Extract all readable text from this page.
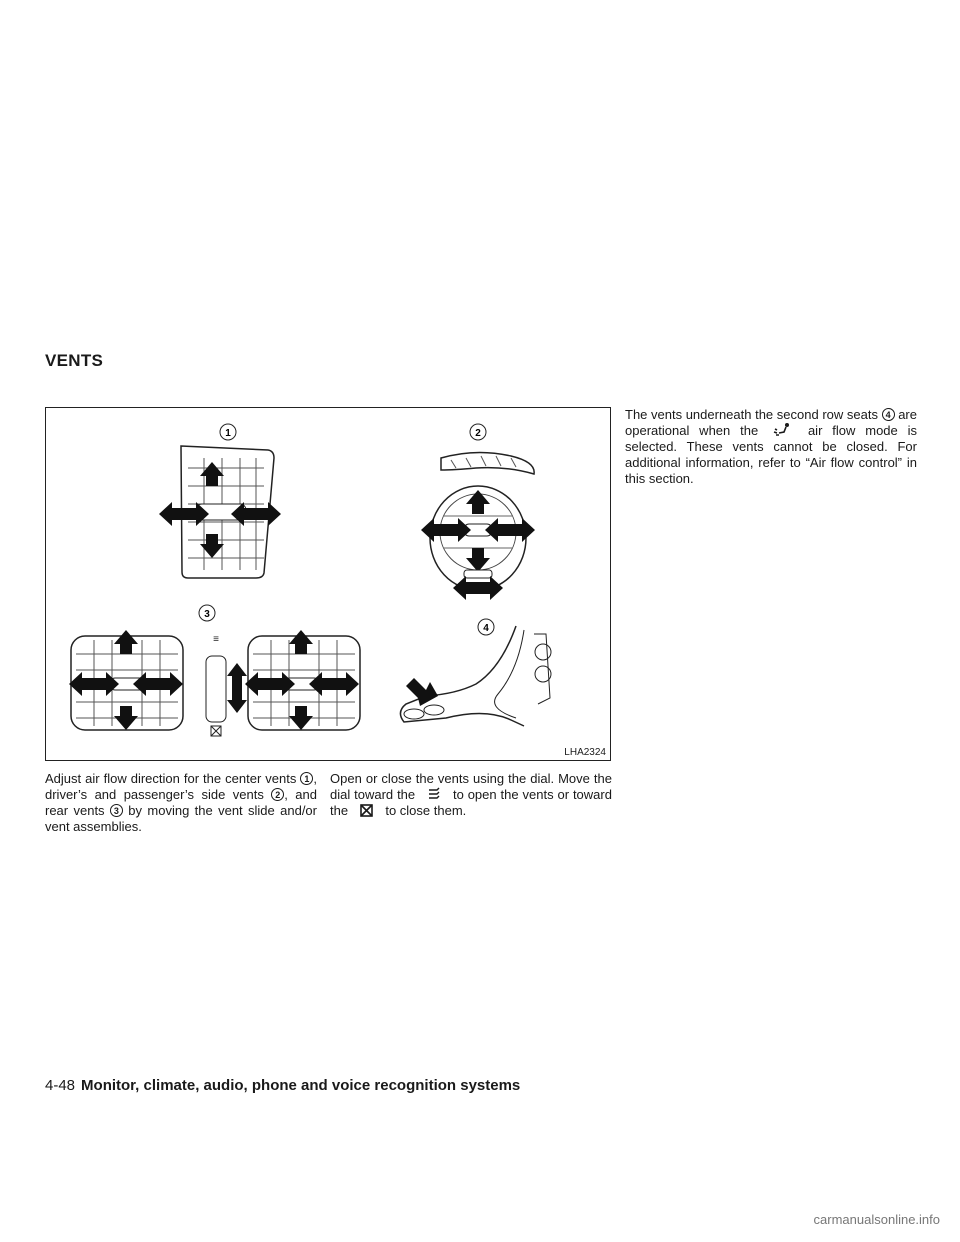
VENTS
1	2
≡
3
4
LHA2324
Adjust air flow direction for the center vents 1 , driver’s and passenger’s side vents 2 , and rear vents 3 by moving the vent slide and/or vent assemblies.
Open or close the vents using the dial. Move the dial toward the	to open the vents or toward the	to close them.
The vents underneath the second row seats 4 are operational when the	air flow mode is selected. These vents cannot be closed. For additional information, refer to “Air flow control” in this section.
4-48 Monitor, climate, audio, phone and voice recognition systems
carmanualsonline.info
